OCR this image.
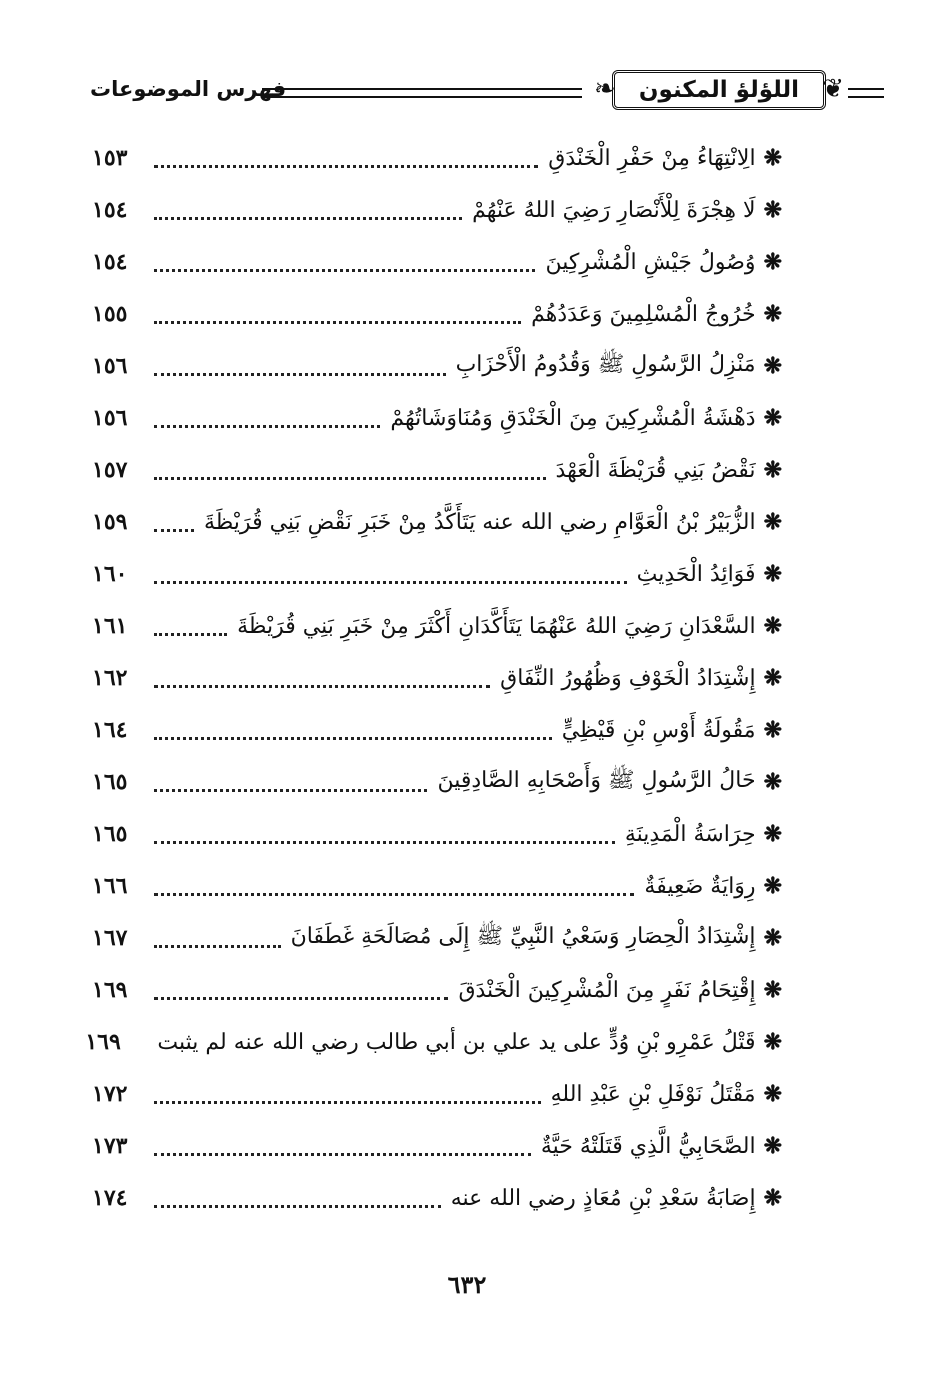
❦
اللؤلؤ المكنون
❧
فهرس الموضوعات
❋
الِانْتِهَاءُ مِنْ حَفْرِ الْخَنْدَقِ
١٥٣
❋
لَا هِجْرَةَ لِلْأَنْصَارِ رَضِيَ اللهُ عَنْهُمْ
١٥٤
❋
وُصُولُ جَيْشِ الْمُشْرِكِينَ
١٥٤
❋
خُرُوجُ الْمُسْلِمِينَ وَعَدَدُهُمْ
١٥٥
❋
مَنْزِلُ الرَّسُولِ ﷺ وَقُدُومُ الْأَحْزَابِ
١٥٦
❋
دَهْشَةُ الْمُشْرِكِينَ مِنَ الْخَنْدَقِ وَمُنَاوَشَاتُهُمْ
١٥٦
❋
نَقْضُ بَنِي قُرَيْظَةَ الْعَهْدَ
١٥٧
❋
الزُّبَيْرُ بْنُ الْعَوَّامِ رضي الله عنه يَتَأَكَّدُ مِنْ خَبَرِ نَقْضِ بَنِي قُرَيْظَةَ
١٥٩
❋
فَوَائِدُ الْحَدِيثِ
١٦٠
❋
السَّعْدَانِ رَضِيَ اللهُ عَنْهُمَا يَتَأَكَّدَانِ أَكْثَرَ مِنْ خَبَرِ بَنِي قُرَيْظَةَ
١٦١
❋
إِشْتِدَادُ الْخَوْفِ وَظُهُورُ النِّفَاقِ
١٦٢
❋
مَقُولَةُ أَوْسِ بْنِ قَيْظِيٍّ
١٦٤
❋
حَالُ الرَّسُولِ ﷺ وَأَصْحَابِهِ الصَّادِقِينَ
١٦٥
❋
حِرَاسَةُ الْمَدِينَةِ
١٦٥
❋
رِوَايَةٌ ضَعِيفَةٌ
١٦٦
❋
إِشْتِدَادُ الْحِصَارِ وَسَعْيُ النَّبِيِّ ﷺ إِلَى مُصَالَحَةِ غَطَفَانَ
١٦٧
❋
إِقْتِحَامُ نَفَرٍ مِنَ الْمُشْرِكِينَ الْخَنْدَقَ
١٦٩
❋
قَتْلُ عَمْرِو بْنِ وُدٍّ على يد علي بن أبي طالب رضي الله عنه لم يثبت
١٦٩
❋
مَقْتَلُ نَوْفَلِ بْنِ عَبْدِ اللهِ
١٧٢
❋
الصَّحَابِيُّ الَّذِي قَتَلَتْهُ حَيَّةٌ
١٧٣
❋
إِصَابَةُ سَعْدِ بْنِ مُعَاذٍ رضي الله عنه
١٧٤
٦٣٢
